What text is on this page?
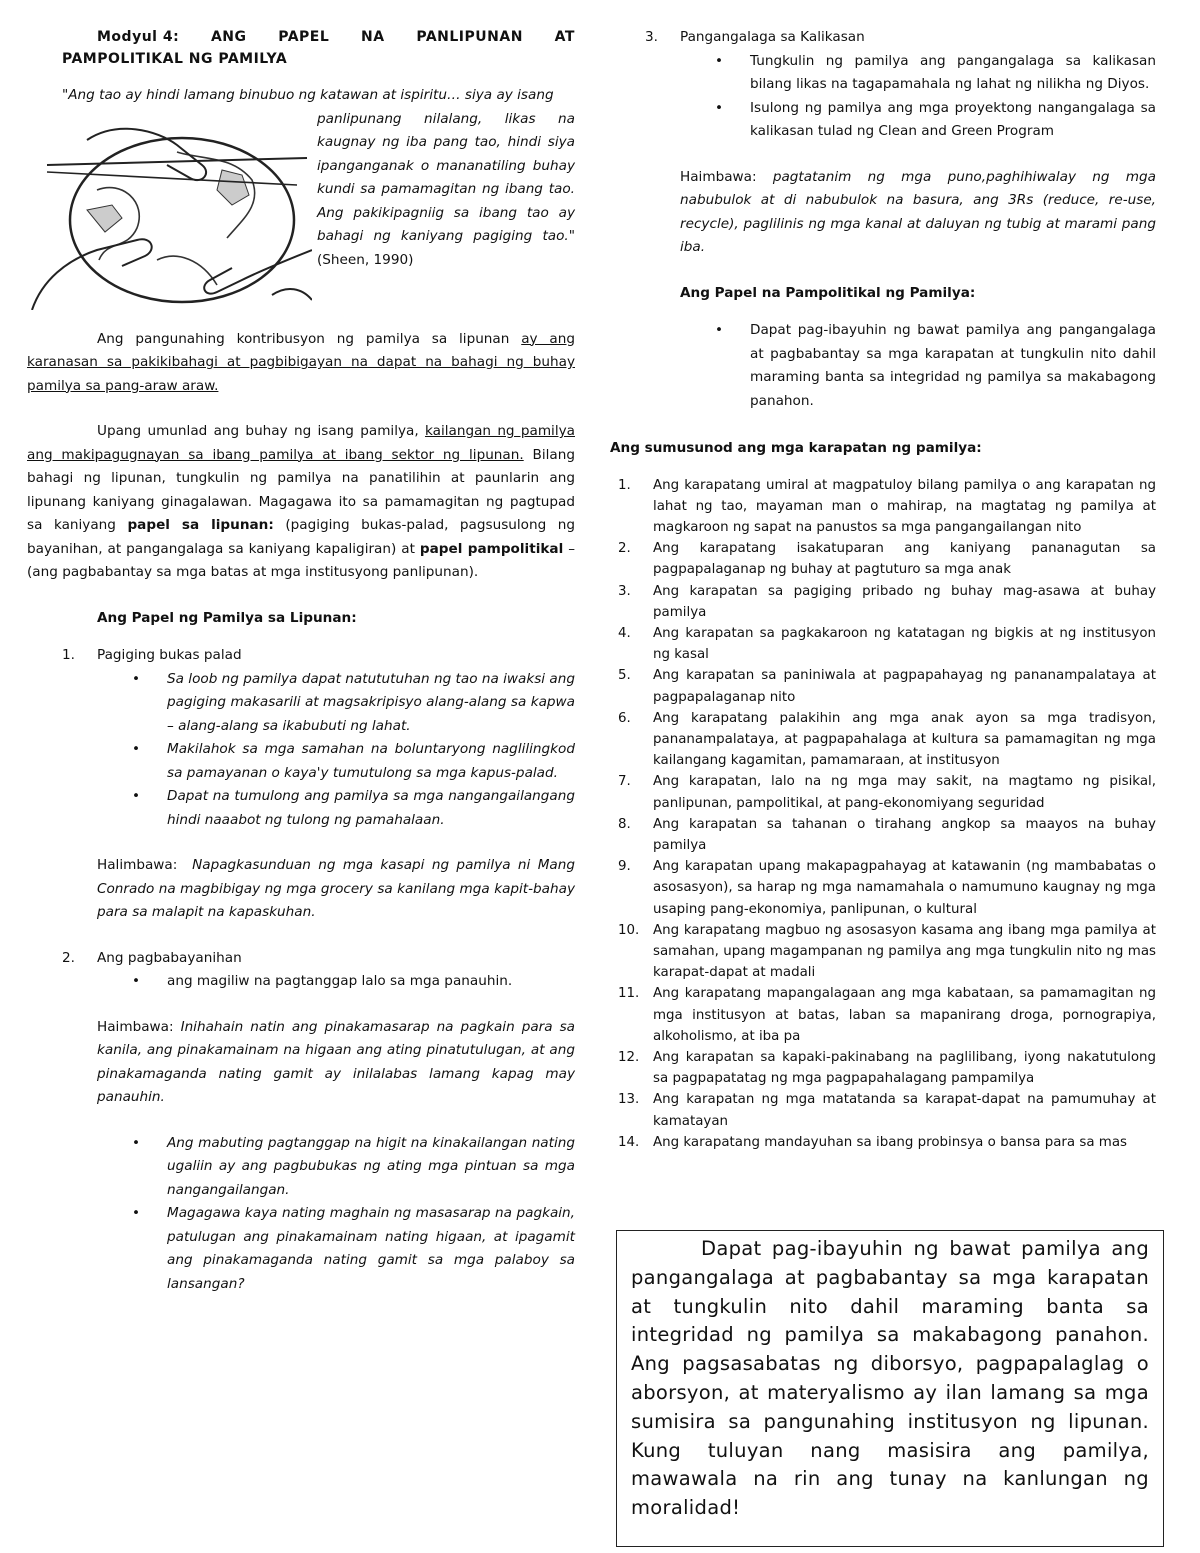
Modyul 4: ANG PAPEL NA PANLIPUNAN AT
PAMPOLITIKAL NG PAMILYA

"Ang tao ay hindi lamang binubuo ng katawan at ispiritu… siya ay isang

panlipunang nilalang, likas na kaugnay ng iba pang tao, hindi siya ipanganganak o mananatiling buhay kundi sa pamamagitan ng ibang tao. Ang pakikipagniig sa ibang tao ay bahagi ng kaniyang pagiging tao." (Sheen, 1990)

Ang pangunahing kontribusyon ng pamilya sa lipunan ay ang karanasan sa pakikibahagi at pagbibigayan na dapat na bahagi ng buhay pamilya sa pang-araw araw.

Upang umunlad ang buhay ng isang pamilya, kailangan ng pamilya ang makipagugnayan sa ibang pamilya at ibang sektor ng lipunan. Bilang bahagi ng lipunan, tungkulin ng pamilya na panatilihin at paunlarin ang lipunang kaniyang ginagalawan. Magagawa ito sa pamamagitan ng pagtupad sa kaniyang papel sa lipunan: (pagiging bukas-palad, pagsusulong ng bayanihan, at pangangalaga sa kaniyang kapaligiran) at papel pampolitikal – (ang pagbabantay sa mga batas at mga institusyong panlipunan).

Ang Papel ng Pamilya sa Lipunan:
1. Pagiging bukas palad
• Sa loob ng pamilya dapat natututuhan ng tao na iwaksi ang pagiging makasarili at magsakripisyo alang-alang sa kapwa – alang-alang sa ikabubuti ng lahat.
• Makilahok sa mga samahan na boluntaryong naglilingkod sa pamayanan o kaya'y tumutulong sa mga kapus-palad.
• Dapat na tumulong ang pamilya sa mga nangangailangang hindi naaabot ng tulong ng pamahalaan.

Halimbawa: Napagkasunduan ng mga kasapi ng pamilya ni Mang Conrado na magbibigay ng mga grocery sa kanilang mga kapit-bahay para sa malapit na kapaskuhan.

2. Ang pagbabayanihan
• ang magiliw na pagtanggap lalo sa mga panauhin.

Haimbawa: Inihahain natin ang pinakamasarap na pagkain para sa kanila, ang pinakamainam na higaan ang ating pinatutulugan, at ang pinakamaganda nating gamit ay inilalabas lamang kapag may panauhin.

• Ang mabuting pagtanggap na higit na kinakailangan nating ugaliin ay ang pagbubukas ng ating mga pintuan sa mga nangangailangan.
• Magagawa kaya nating maghain ng masasarap na pagkain, patulugan ang pinakamainam nating higaan, at ipagamit ang pinakamaganda nating gamit sa mga palaboy sa lansangan?
3. Pangangalaga sa Kalikasan
• Tungkulin ng pamilya ang pangangalaga sa kalikasan bilang likas na tagapamahala ng lahat ng nilikha ng Diyos.
• Isulong ng pamilya ang mga proyektong nangangalaga sa kalikasan tulad ng Clean and Green Program

Haimbawa: pagtatanim ng mga puno,paghihiwalay ng mga nabubulok at di nabubulok na basura, ang 3Rs (reduce, re-use, recycle), paglilinis ng mga kanal at daluyan ng tubig at marami pang iba.

Ang Papel na Pampolitikal ng Pamilya:
• Dapat pag-ibayuhin ng bawat pamilya ang pangangalaga at pagbabantay sa mga karapatan at tungkulin nito dahil maraming banta sa integridad ng pamilya sa makabagong panahon.
Ang sumusunod ang mga karapatan ng pamilya:
1. Ang karapatang umiral at magpatuloy bilang pamilya o ang karapatan ng lahat ng tao, mayaman man o mahirap, na magtatag ng pamilya at magkaroon ng sapat na panustos sa mga pangangailangan nito
2. Ang karapatang isakatuparan ang kaniyang pananagutan sa pagpapalaganap ng buhay at pagtuturo sa mga anak
3. Ang karapatan sa pagiging pribado ng buhay mag-asawa at buhay pamilya
4. Ang karapatan sa pagkakaroon ng katatagan ng bigkis at ng institusyon ng kasal
5. Ang karapatan sa paniniwala at pagpapahayag ng pananampalataya at pagpapalaganap nito
6. Ang karapatang palakihin ang mga anak ayon sa mga tradisyon, pananampalataya, at pagpapahalaga at kultura sa pamamagitan ng mga kailangang kagamitan, pamamaraan, at institusyon
7. Ang karapatan, lalo na ng mga may sakit, na magtamo ng pisikal, panlipunan, pampolitikal, at pang-ekonomiyang seguridad
8. Ang karapatan sa tahanan o tirahang angkop sa maayos na buhay pamilya
9. Ang karapatan upang makapagpahayag at katawanin (ng mambabatas o asosasyon), sa harap ng mga namamahala o namumuno kaugnay ng mga usaping pang-ekonomiya, panlipunan, o kultural
10. Ang karapatang magbuo ng asosasyon kasama ang ibang mga pamilya at samahan, upang magampanan ng pamilya ang mga tungkulin nito ng mas karapat-dapat at madali
11. Ang karapatang mapangalagaan ang mga kabataan, sa pamamagitan ng mga institusyon at batas, laban sa mapanirang droga, pornograpiya, alkoholismo, at iba pa
12. Ang karapatan sa kapaki-pakinabang na paglilibang, iyong nakatutulong sa pagpapatatag ng mga pagpapahalagang pampamilya
13. Ang karapatan ng mga matatanda sa karapat-dapat na pamumuhay at kamatayan
14. Ang karapatang mandayuhan sa ibang probinsya o bansa para sa mas

Dapat pag-ibayuhin ng bawat pamilya ang pangangalaga at pagbabantay sa mga karapatan at tungkulin nito dahil maraming banta sa integridad ng pamilya sa makabagong panahon. Ang pagsasabatas ng diborsyo, pagpapalaglag o aborsyon, at materyalismo ay ilan lamang sa mga sumisira sa pangunahing institusyon ng lipunan. Kung tuluyan nang masisira ang pamilya, mawawala na rin ang tunay na kanlungan ng moralidad!
